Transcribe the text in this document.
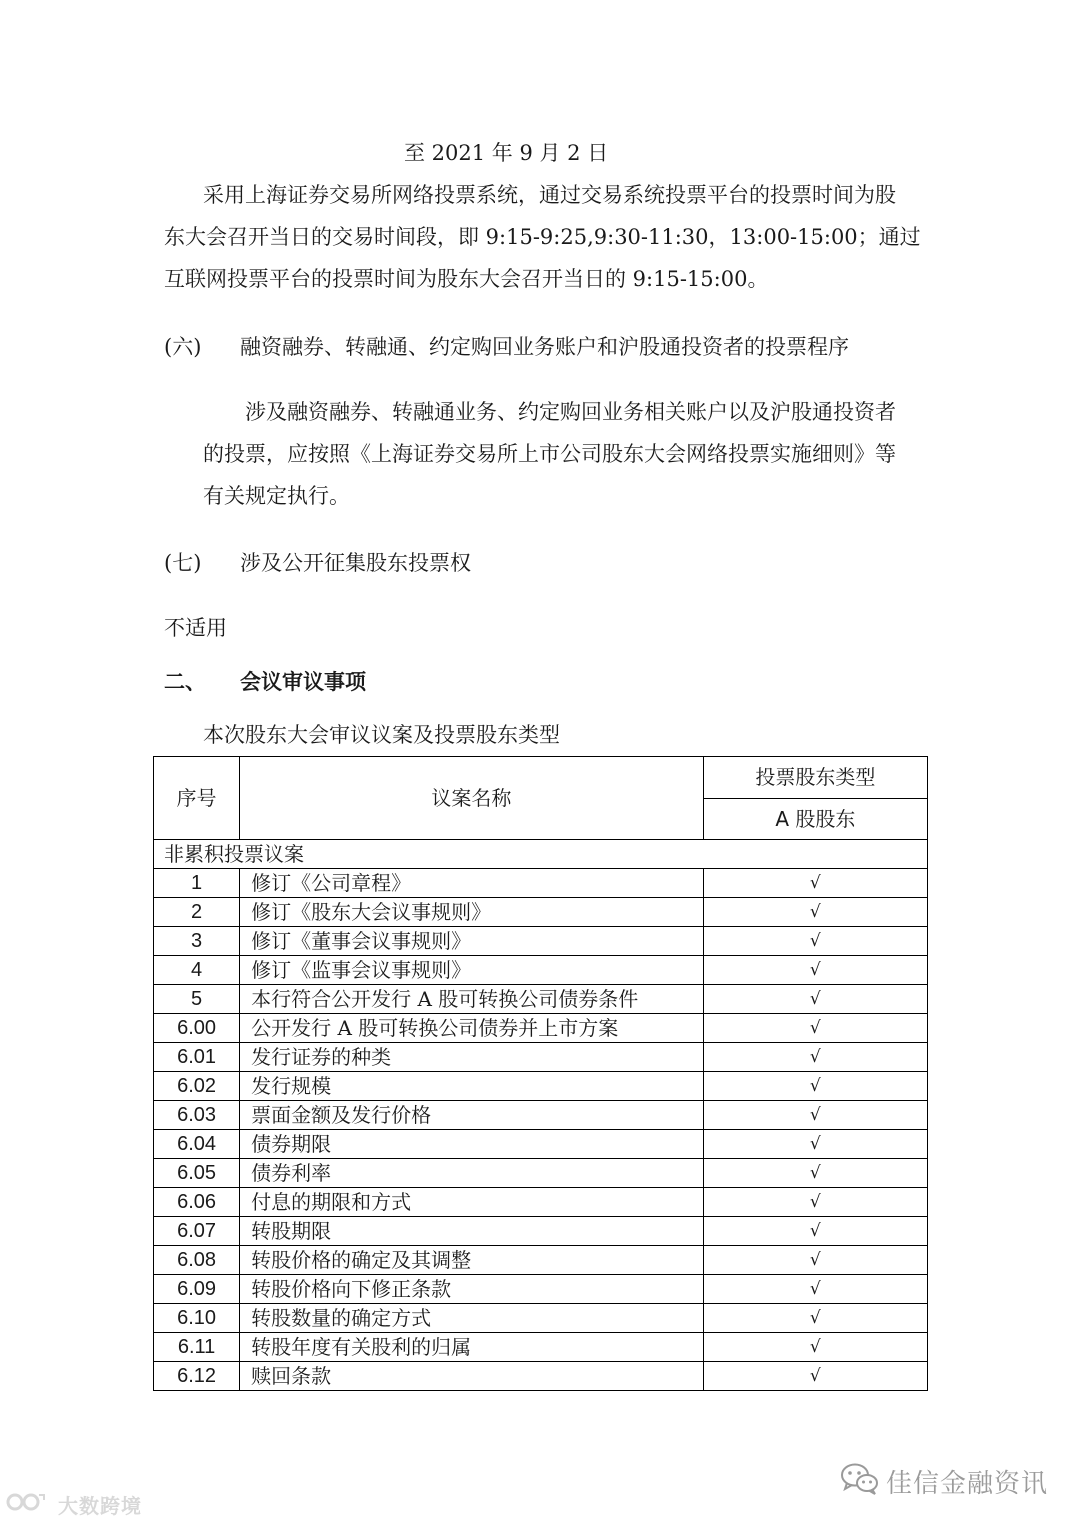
至 2021 年 9 月 2 日
采用上海证券交易所网络投票系统，通过交易系统投票平台的投票时间为股
东大会召开当日的交易时间段，即 9:15-9:25,9:30-11:30，13:00-15:00；通过
互联网投票平台的投票时间为股东大会召开当日的 9:15-15:00。
(六) 融资融券、转融通、约定购回业务账户和沪股通投资者的投票程序
涉及融资融券、转融通业务、约定购回业务相关账户以及沪股通投资者
的投票，应按照《上海证券交易所上市公司股东大会网络投票实施细则》等
有关规定执行。
(七) 涉及公开征集股东投票权
不适用
二、 会议审议事项
本次股东大会审议议案及投票股东类型
序号	议案名称	投票股东类型
		A 股股东
非累积投票议案		
1	修订《公司章程》	√
2	修订《股东大会议事规则》	√
3	修订《董事会议事规则》	√
4	修订《监事会议事规则》	√
5	本行符合公开发行 A 股可转换公司债券条件	√
6.00	公开发行 A 股可转换公司债券并上市方案	√
6.01	发行证券的种类	√
6.02	发行规模	√
6.03	票面金额及发行价格	√
6.04	债券期限	√
6.05	债券利率	√
6.06	付息的期限和方式	√
6.07	转股期限	√
6.08	转股价格的确定及其调整	√
6.09	转股价格向下修正条款	√
6.10	转股数量的确定方式	√
6.11	转股年度有关股利的归属	√
6.12	赎回条款	√
大数跨境
佳信金融资讯
